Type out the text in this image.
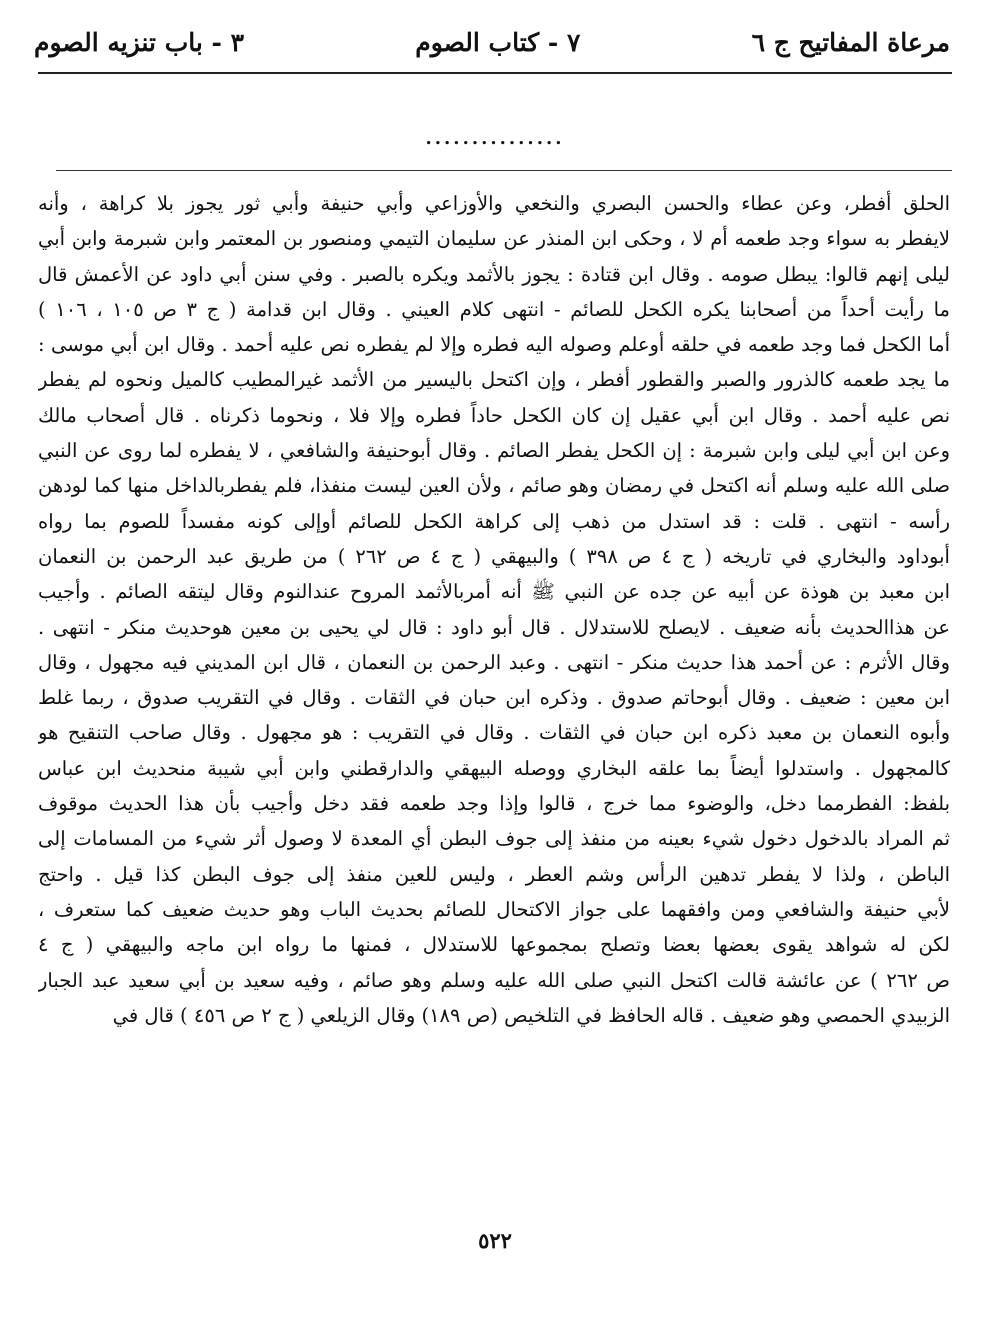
مرعاة المفاتيح ج ٦
٧ - كتاب الصوم
٣ - باب تنزيه الصوم
...............
الحلق أفطر، وعن عطاء والحسن البصري والنخعي والأوزاعي وأبي حنيفة وأبي ثور يجوز بلا كراهة ، وأنه
لايفطر به سواء وجد طعمه أم لا ، وحكى ابن المنذر عن سليمان التيمي ومنصور بن المعتمر وابن شبرمة وابن أبي
ليلى إنهم قالوا: يبطل صومه . وقال ابن قتادة : يجوز بالأثمد ويكره بالصبر . وفي سنن أبي داود عن الأعمش قال
ما رأيت أحداً من أصحابنا يكره الكحل للصائم - انتهى كلام العيني . وقال ابن قدامة ( ج ٣ ص ١٠٥ ، ١٠٦ )
أما الكحل فما وجد طعمه في حلقه أوعلم وصوله اليه فطره وإلا لم يفطره نص عليه أحمد . وقال ابن أبي موسى :
ما يجد طعمه كالذرور والصبر والقطور أفطر ، وإن اكتحل باليسير من الأثمد غيرالمطيب كالميل ونحوه لم يفطر
نص عليه أحمد . وقال ابن أبي عقيل إن كان الكحل حاداً فطره وإلا فلا ، ونحوما ذكرناه . قال أصحاب مالك
وعن ابن أبي ليلى وابن شبرمة : إن الكحل يفطر الصائم . وقال أبوحنيفة والشافعي ، لا يفطره لما روى عن النبي
صلى الله عليه وسلم أنه اكتحل في رمضان وهو صائم ، ولأن العين ليست منفذا، فلم يفطربالداخل منها كما لودهن
رأسه - انتهى . قلت : قد استدل من ذهب إلى كراهة الكحل للصائم أوإلى كونه مفسداً للصوم بما رواه
أبوداود والبخاري في تاريخه ( ج ٤ ص ٣٩٨ ) والبيهقي ( ج ٤ ص ٢٦٢ ) من طريق عبد الرحمن بن النعمان
ابن معبد بن هوذة عن أبيه عن جده عن النبي ﷺ أنه أمربالأثمد المروح عندالنوم وقال ليتقه الصائم . وأجيب
عن هذاالحديث بأنه ضعيف . لايصلح للاستدلال . قال أبو داود : قال لي يحيى بن معين هوحديث منكر - انتهى .
وقال الأثرم : عن أحمد هذا حديث منكر - انتهى . وعبد الرحمن بن النعمان ، قال ابن المديني فيه مجهول ، وقال
ابن معين : ضعيف . وقال أبوحاتم صدوق . وذكره ابن حبان في الثقات . وقال في التقريب صدوق ، ربما غلط
وأبوه النعمان بن معبد ذكره ابن حبان في الثقات . وقال في التقريب : هو مجهول . وقال صاحب التنقيح هو
كالمجهول . واستدلوا أيضاً بما علقه البخاري ووصله البيهقي والدارقطني وابن أبي شيبة منحديث ابن عباس
بلفظ: الفطرمما دخل، والوضوء مما خرج ، قالوا وإذا وجد طعمه فقد دخل وأجيب بأن هذا الحديث موقوف
ثم المراد بالدخول دخول شيء بعينه من منفذ إلى جوف البطن أي المعدة لا وصول أثر شيء من المسامات إلى
الباطن ، ولذا لا يفطر تدهين الرأس وشم العطر ، وليس للعين منفذ إلى جوف البطن كذا قيل . واحتج
لأبي حنيفة والشافعي ومن وافقهما على جواز الاكتحال للصائم بحديث الباب وهو حديث ضعيف كما ستعرف ،
لكن له شواهد يقوى بعضها بعضا وتصلح بمجموعها للاستدلال ، فمنها ما رواه ابن ماجه والبيهقي ( ج ٤
ص ٢٦٢ ) عن عائشة قالت اكتحل النبي صلى الله عليه وسلم وهو صائم ، وفيه سعيد بن أبي سعيد عبد الجبار
الزبيدي الحمصي وهو ضعيف . قاله الحافظ في التلخيص (ص ١٨٩) وقال الزيلعي ( ج ٢ ص ٤٥٦ ) قال في
٥٢٢
